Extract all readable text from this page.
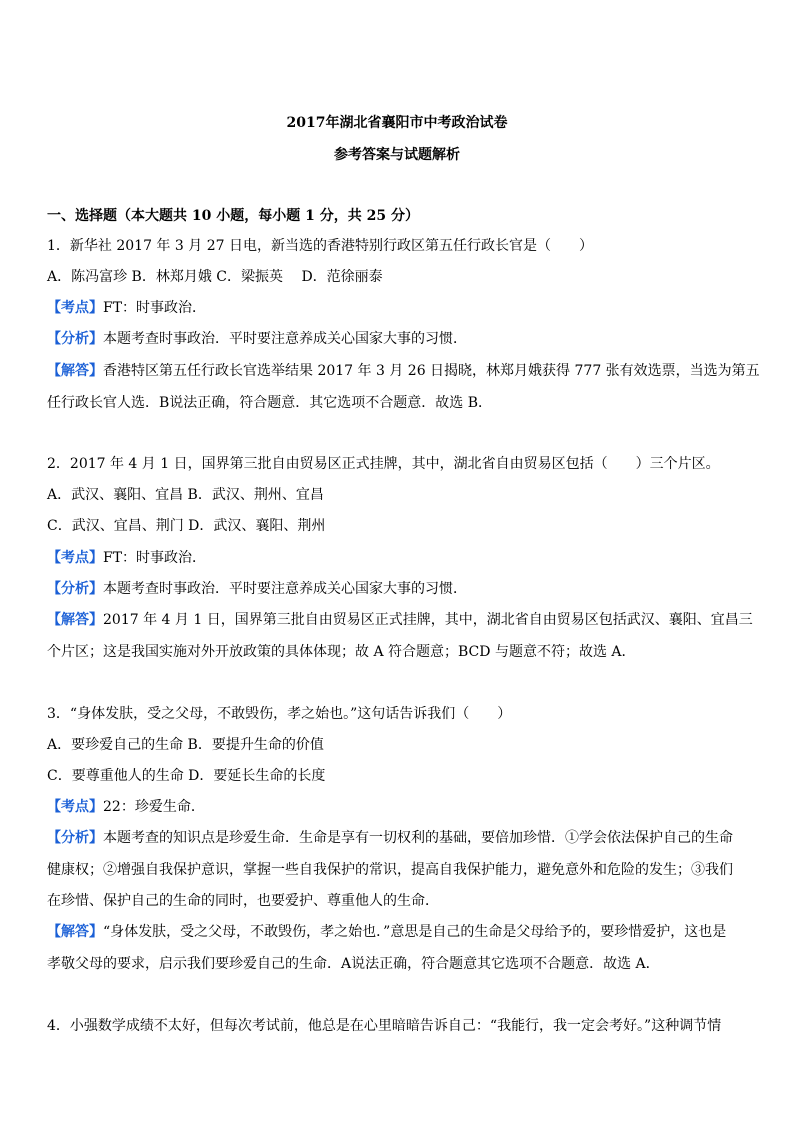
2017年湖北省襄阳市中考政治试卷
参考答案与试题解析
一、选择题（本大题共 10 小题，每小题 1 分，共 25 分）
1．新华社 2017 年 3 月 27 日电，新当选的香港特别行政区第五任行政长官是（　　）
A．陈冯富珍 B．林郑月娥 C．梁振英　 D．范徐丽泰
【考点】FT：时事政治．
【分析】本题考查时事政治．平时要注意养成关心国家大事的习惯．
【解答】香港特区第五任行政长官选举结果 2017 年 3 月 26 日揭晓，林郑月娥获得 777 张有效选票，当选为第五
任行政长官人选．B说法正确，符合题意．其它选项不合题意．故选 B．
2．2017 年 4 月 1 日，国界第三批自由贸易区正式挂牌，其中，湖北省自由贸易区包括（　　）三个片区。
A．武汉、襄阳、宜昌 B．武汉、荆州、宜昌
C．武汉、宜昌、荆门 D．武汉、襄阳、荆州
【考点】FT：时事政治．
【分析】本题考查时事政治．平时要注意养成关心国家大事的习惯．
【解答】2017 年 4 月 1 日，国界第三批自由贸易区正式挂牌，其中，湖北省自由贸易区包括武汉、襄阳、宜昌三
个片区；这是我国实施对外开放政策的具体体现；故 A 符合题意；BCD 与题意不符；故选 A．
3．“身体发肤，受之父母，不敢毁伤，孝之始也。”这句话告诉我们（　　）
A．要珍爱自己的生命 B．要提升生命的价值
C．要尊重他人的生命 D．要延长生命的长度
【考点】22：珍爱生命．
【分析】本题考查的知识点是珍爱生命．生命是享有一切权利的基础，要倍加珍惜．①学会依法保护自己的生命
健康权；②增强自我保护意识，掌握一些自我保护的常识，提高自我保护能力，避免意外和危险的发生；③我们
在珍惜、保护自己的生命的同时，也要爱护、尊重他人的生命．
【解答】“身体发肤，受之父母，不敢毁伤，孝之始也．”意思是自己的生命是父母给予的，要珍惜爱护，这也是
孝敬父母的要求，启示我们要珍爱自己的生命．A说法正确，符合题意其它选项不合题意．故选 A．
4．小强数学成绩不太好，但每次考试前，他总是在心里暗暗告诉自己：“我能行，我一定会考好。”这种调节情
